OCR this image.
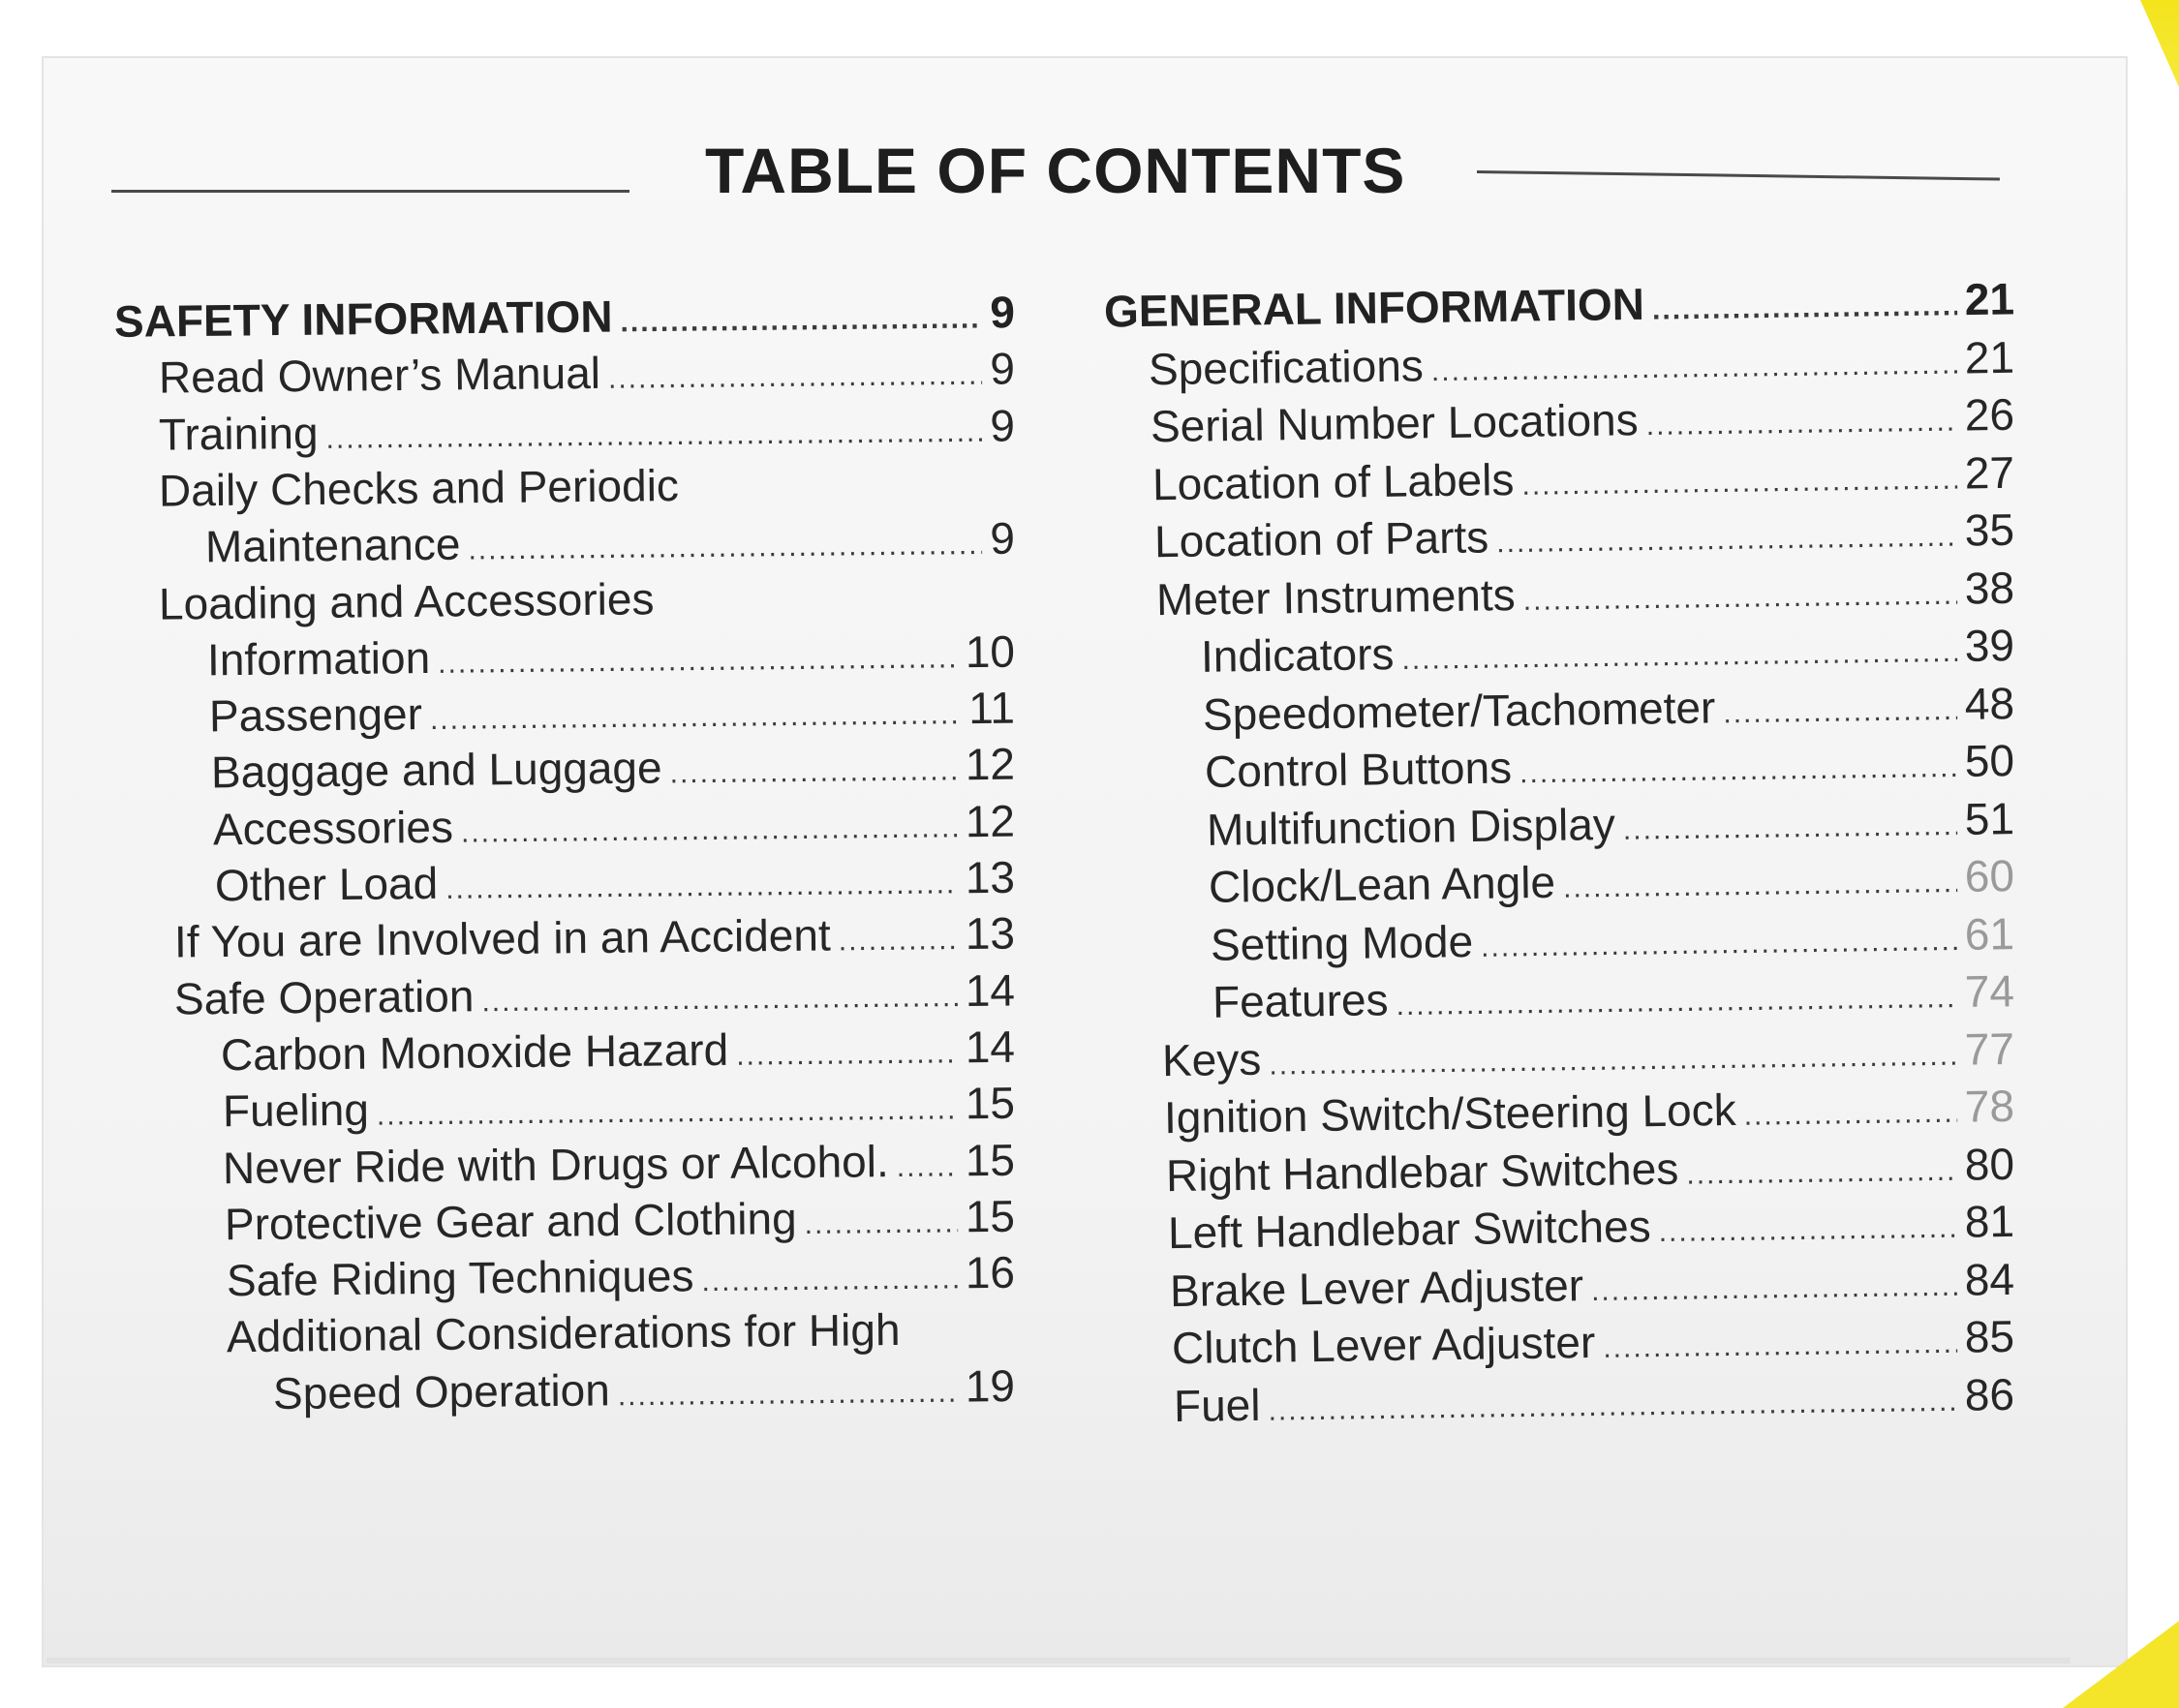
TABLE OF CONTENTS
SAFETY INFORMATION .....	9
Read Owner’s Manual .....	9
Training .....	9
Daily Checks and Periodic
Maintenance .....	9
Loading and Accessories
Information .....	10
Passenger .....	11
Baggage and Luggage .....	12
Accessories .....	12
Other Load .....	13
If You are Involved in an Accident .....	13
Safe Operation .....	14
Carbon Monoxide Hazard .....	14
Fueling .....	15
Never Ride with Drugs or Alcohol. ..... 15
Protective Gear and Clothing .....	15
Safe Riding Techniques .....	16
Additional Considerations for High
Speed Operation .....	19
GENERAL INFORMATION .....	21
Specifications .....	21
Serial Number Locations .....	26
Location of Labels .....	27
Location of Parts .....	35
Meter Instruments .....	38
Indicators .....	39
Speedometer/Tachometer .....	48
Control Buttons .....	50
Multifunction Display .....	51
Clock/Lean Angle .....	60
Setting Mode .....	61
Features .....	74
Keys .....	77
Ignition Switch/Steering Lock .....	78
Right Handlebar Switches .....	80
Left Handlebar Switches .....	81
Brake Lever Adjuster .....	84
Clutch Lever Adjuster .....	85
Fuel .....	86
